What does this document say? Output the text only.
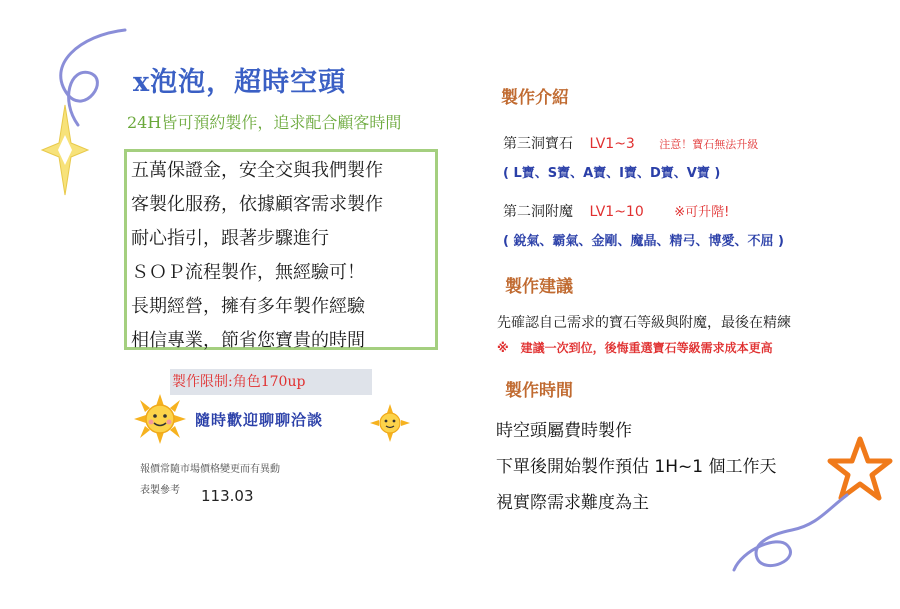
x泡泡，超時空頭
24H皆可預約製作，追求配合顧客時間
五萬保證金，安全交與我們製作
客製化服務，依據顧客需求製作
耐心指引，跟著步驟進行
ＳＯＰ流程製作，無經驗可！
長期經營，擁有多年製作經驗
相信專業，節省您寶貴的時間
製作限制:角色170up
隨時歡迎聊聊洽談
報價常隨市場價格變更而有異動
表製參考 113.03
製作介紹
第三洞寶石 LV1~3 注意！寶石無法升級
( L寶、S寶、A寶、I寶、D寶、V寶 )
第二洞附魔 LV1~10 ※可升階!
( 銳氣、霸氣、金剛、魔晶、精弓、博愛、不屈 )
製作建議
先確認自己需求的寶石等級與附魔，最後在精練
※　建議一次到位，後悔重選寶石等級需求成本更高
製作時間
時空頭屬費時製作
下單後開始製作預估 1H~1 個工作天
視實際需求難度為主
